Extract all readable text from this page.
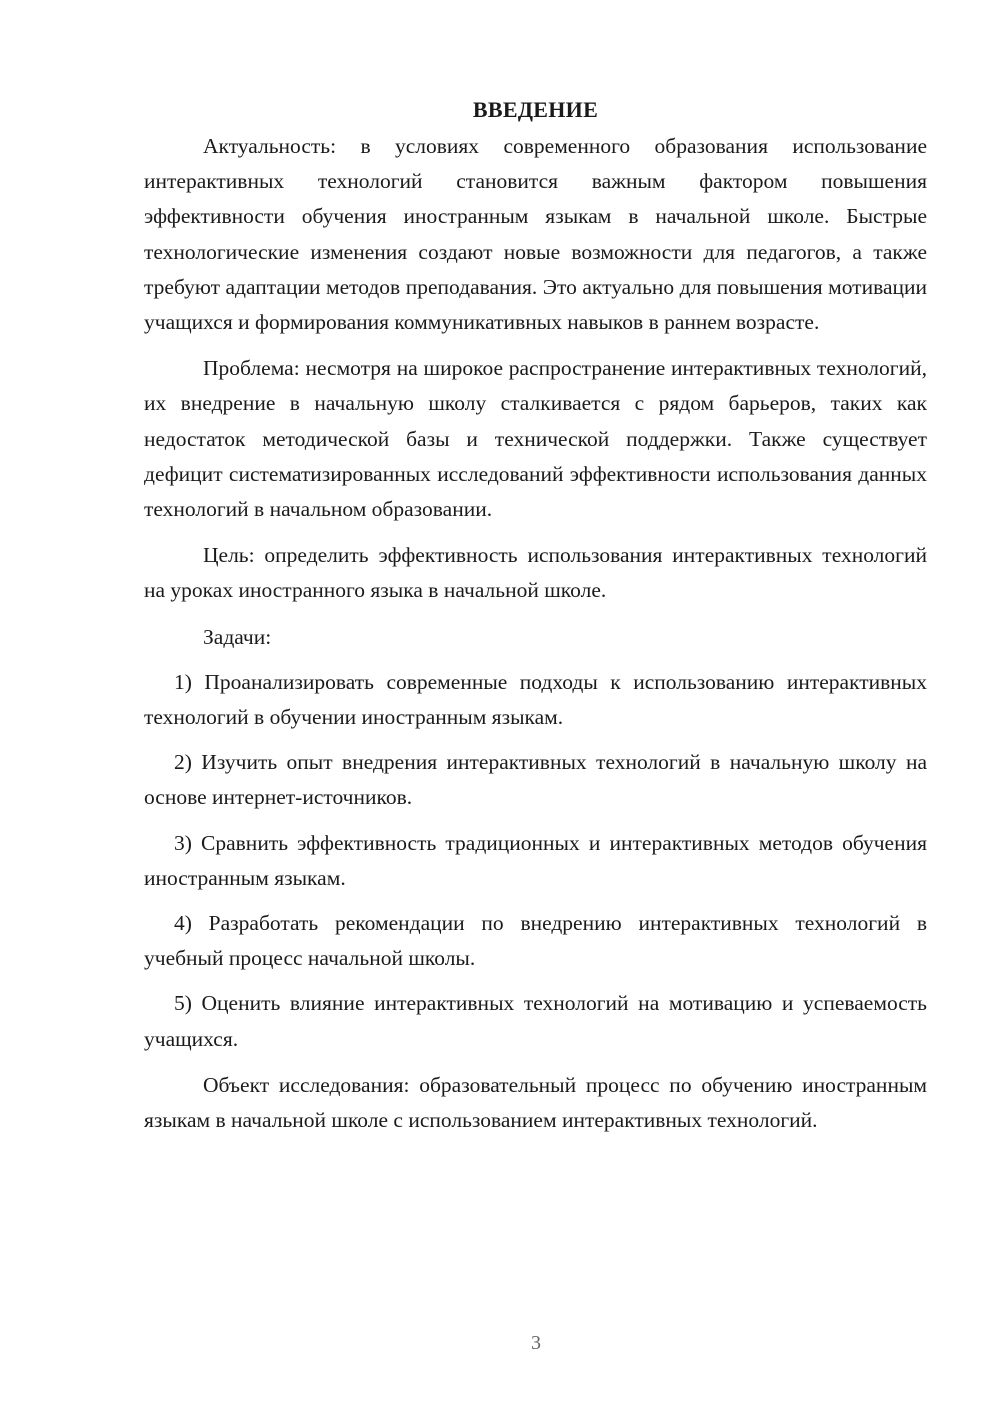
ВВЕДЕНИЕ

Актуальность: в условиях современного образования использование интерактивных технологий становится важным фактором повышения эффективности обучения иностранным языкам в начальной школе. Быстрые технологические изменения создают новые возможности для педагогов, а также требуют адаптации методов преподавания. Это актуально для повышения мотивации учащихся и формирования коммуникативных навыков в раннем возрасте.

Проблема: несмотря на широкое распространение интерактивных технологий, их внедрение в начальную школу сталкивается с рядом барьеров, таких как недостаток методической базы и технической поддержки. Также существует дефицит систематизированных исследований эффективности использования данных технологий в начальном образовании.

Цель: определить эффективность использования интерактивных технологий на уроках иностранного языка в начальной школе.

Задачи:

1) Проанализировать современные подходы к использованию интерактивных технологий в обучении иностранным языкам.

2) Изучить опыт внедрения интерактивных технологий в начальную школу на основе интернет-источников.

3) Сравнить эффективность традиционных и интерактивных методов обучения иностранным языкам.

4) Разработать рекомендации по внедрению интерактивных технологий в учебный процесс начальной школы.

5) Оценить влияние интерактивных технологий на мотивацию и успеваемость учащихся.

Объект исследования: образовательный процесс по обучению иностранным языкам в начальной школе с использованием интерактивных технологий.

3
